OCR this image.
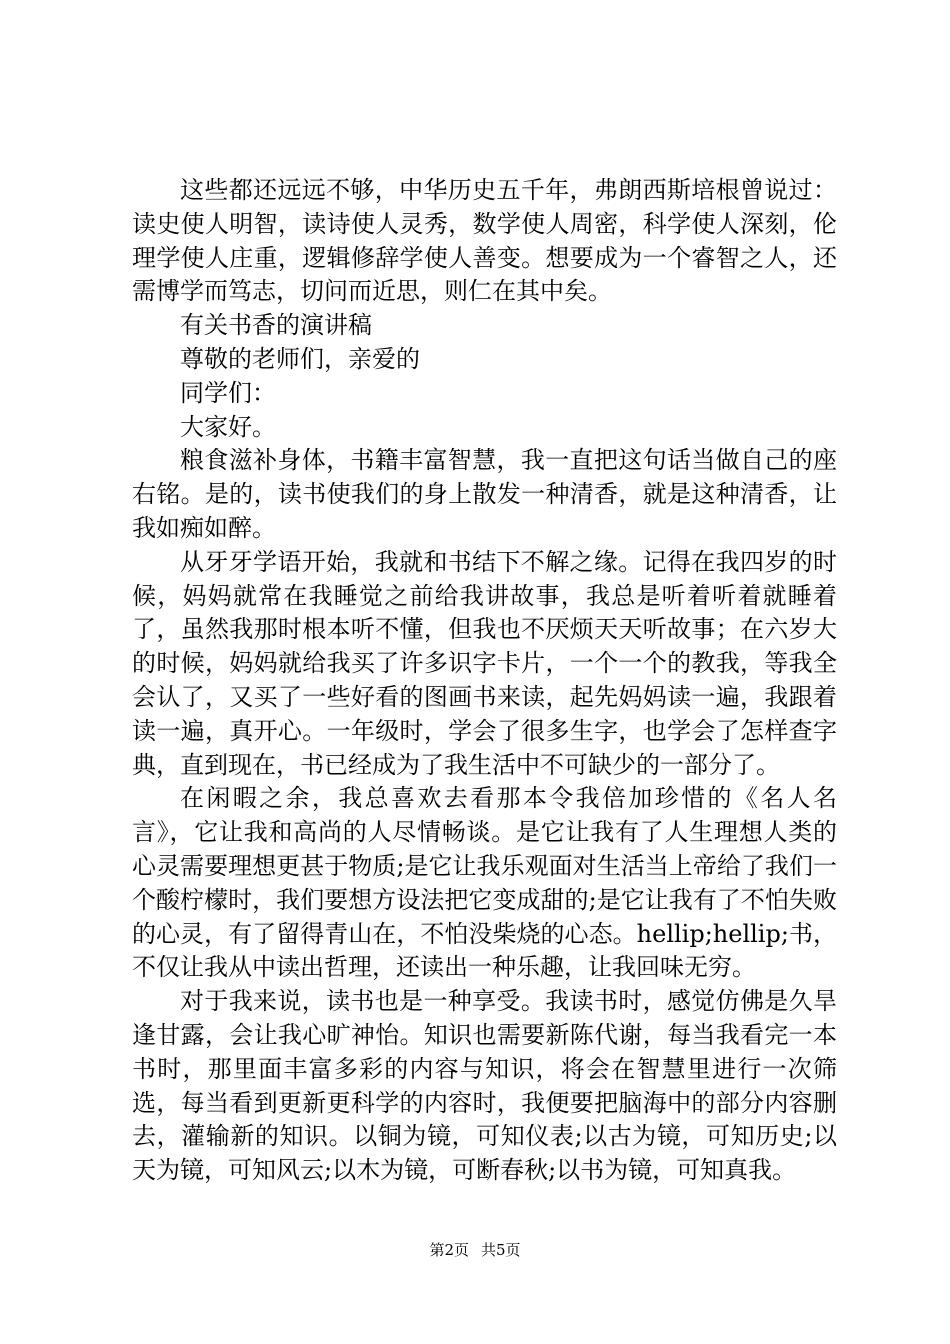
这些都还远远不够，中华历史五千年，弗朗西斯培根曾说过：读史使人明智，读诗使人灵秀，数学使人周密，科学使人深刻，伦理学使人庄重，逻辑修辞学使人善变。想要成为一个睿智之人，还需博学而笃志，切问而近思，则仁在其中矣。

有关书香的演讲稿

尊敬的老师们，亲爱的

同学们：

大家好。

粮食滋补身体，书籍丰富智慧，我一直把这句话当做自己的座右铭。是的，读书使我们的身上散发一种清香，就是这种清香，让我如痴如醉。

从牙牙学语开始，我就和书结下不解之缘。记得在我四岁的时候，妈妈就常在我睡觉之前给我讲故事，我总是听着听着就睡着了，虽然我那时根本听不懂，但我也不厌烦天天听故事；在六岁大的时候，妈妈就给我买了许多识字卡片，一个一个的教我，等我全会认了，又买了一些好看的图画书来读，起先妈妈读一遍，我跟着读一遍，真开心。一年级时，学会了很多生字，也学会了怎样查字典，直到现在，书已经成为了我生活中不可缺少的一部分了。

在闲暇之余，我总喜欢去看那本令我倍加珍惜的《名人名言》，它让我和高尚的人尽情畅谈。是它让我有了人生理想人类的心灵需要理想更甚于物质;是它让我乐观面对生活当上帝给了我们一个酸柠檬时，我们要想方设法把它变成甜的;是它让我有了不怕失败的心灵，有了留得青山在，不怕没柴烧的心态。hellip;hellip;书，不仅让我从中读出哲理，还读出一种乐趣，让我回味无穷。

对于我来说，读书也是一种享受。我读书时，感觉仿佛是久旱逢甘露，会让我心旷神怡。知识也需要新陈代谢，每当我看完一本书时，那里面丰富多彩的内容与知识，将会在智慧里进行一次筛选，每当看到更新更科学的内容时，我便要把脑海中的部分内容删去，灌输新的知识。以铜为镜，可知仪表;以古为镜，可知历史;以天为镜，可知风云;以木为镜，可断春秋;以书为镜，可知真我。

第2页 共5页
